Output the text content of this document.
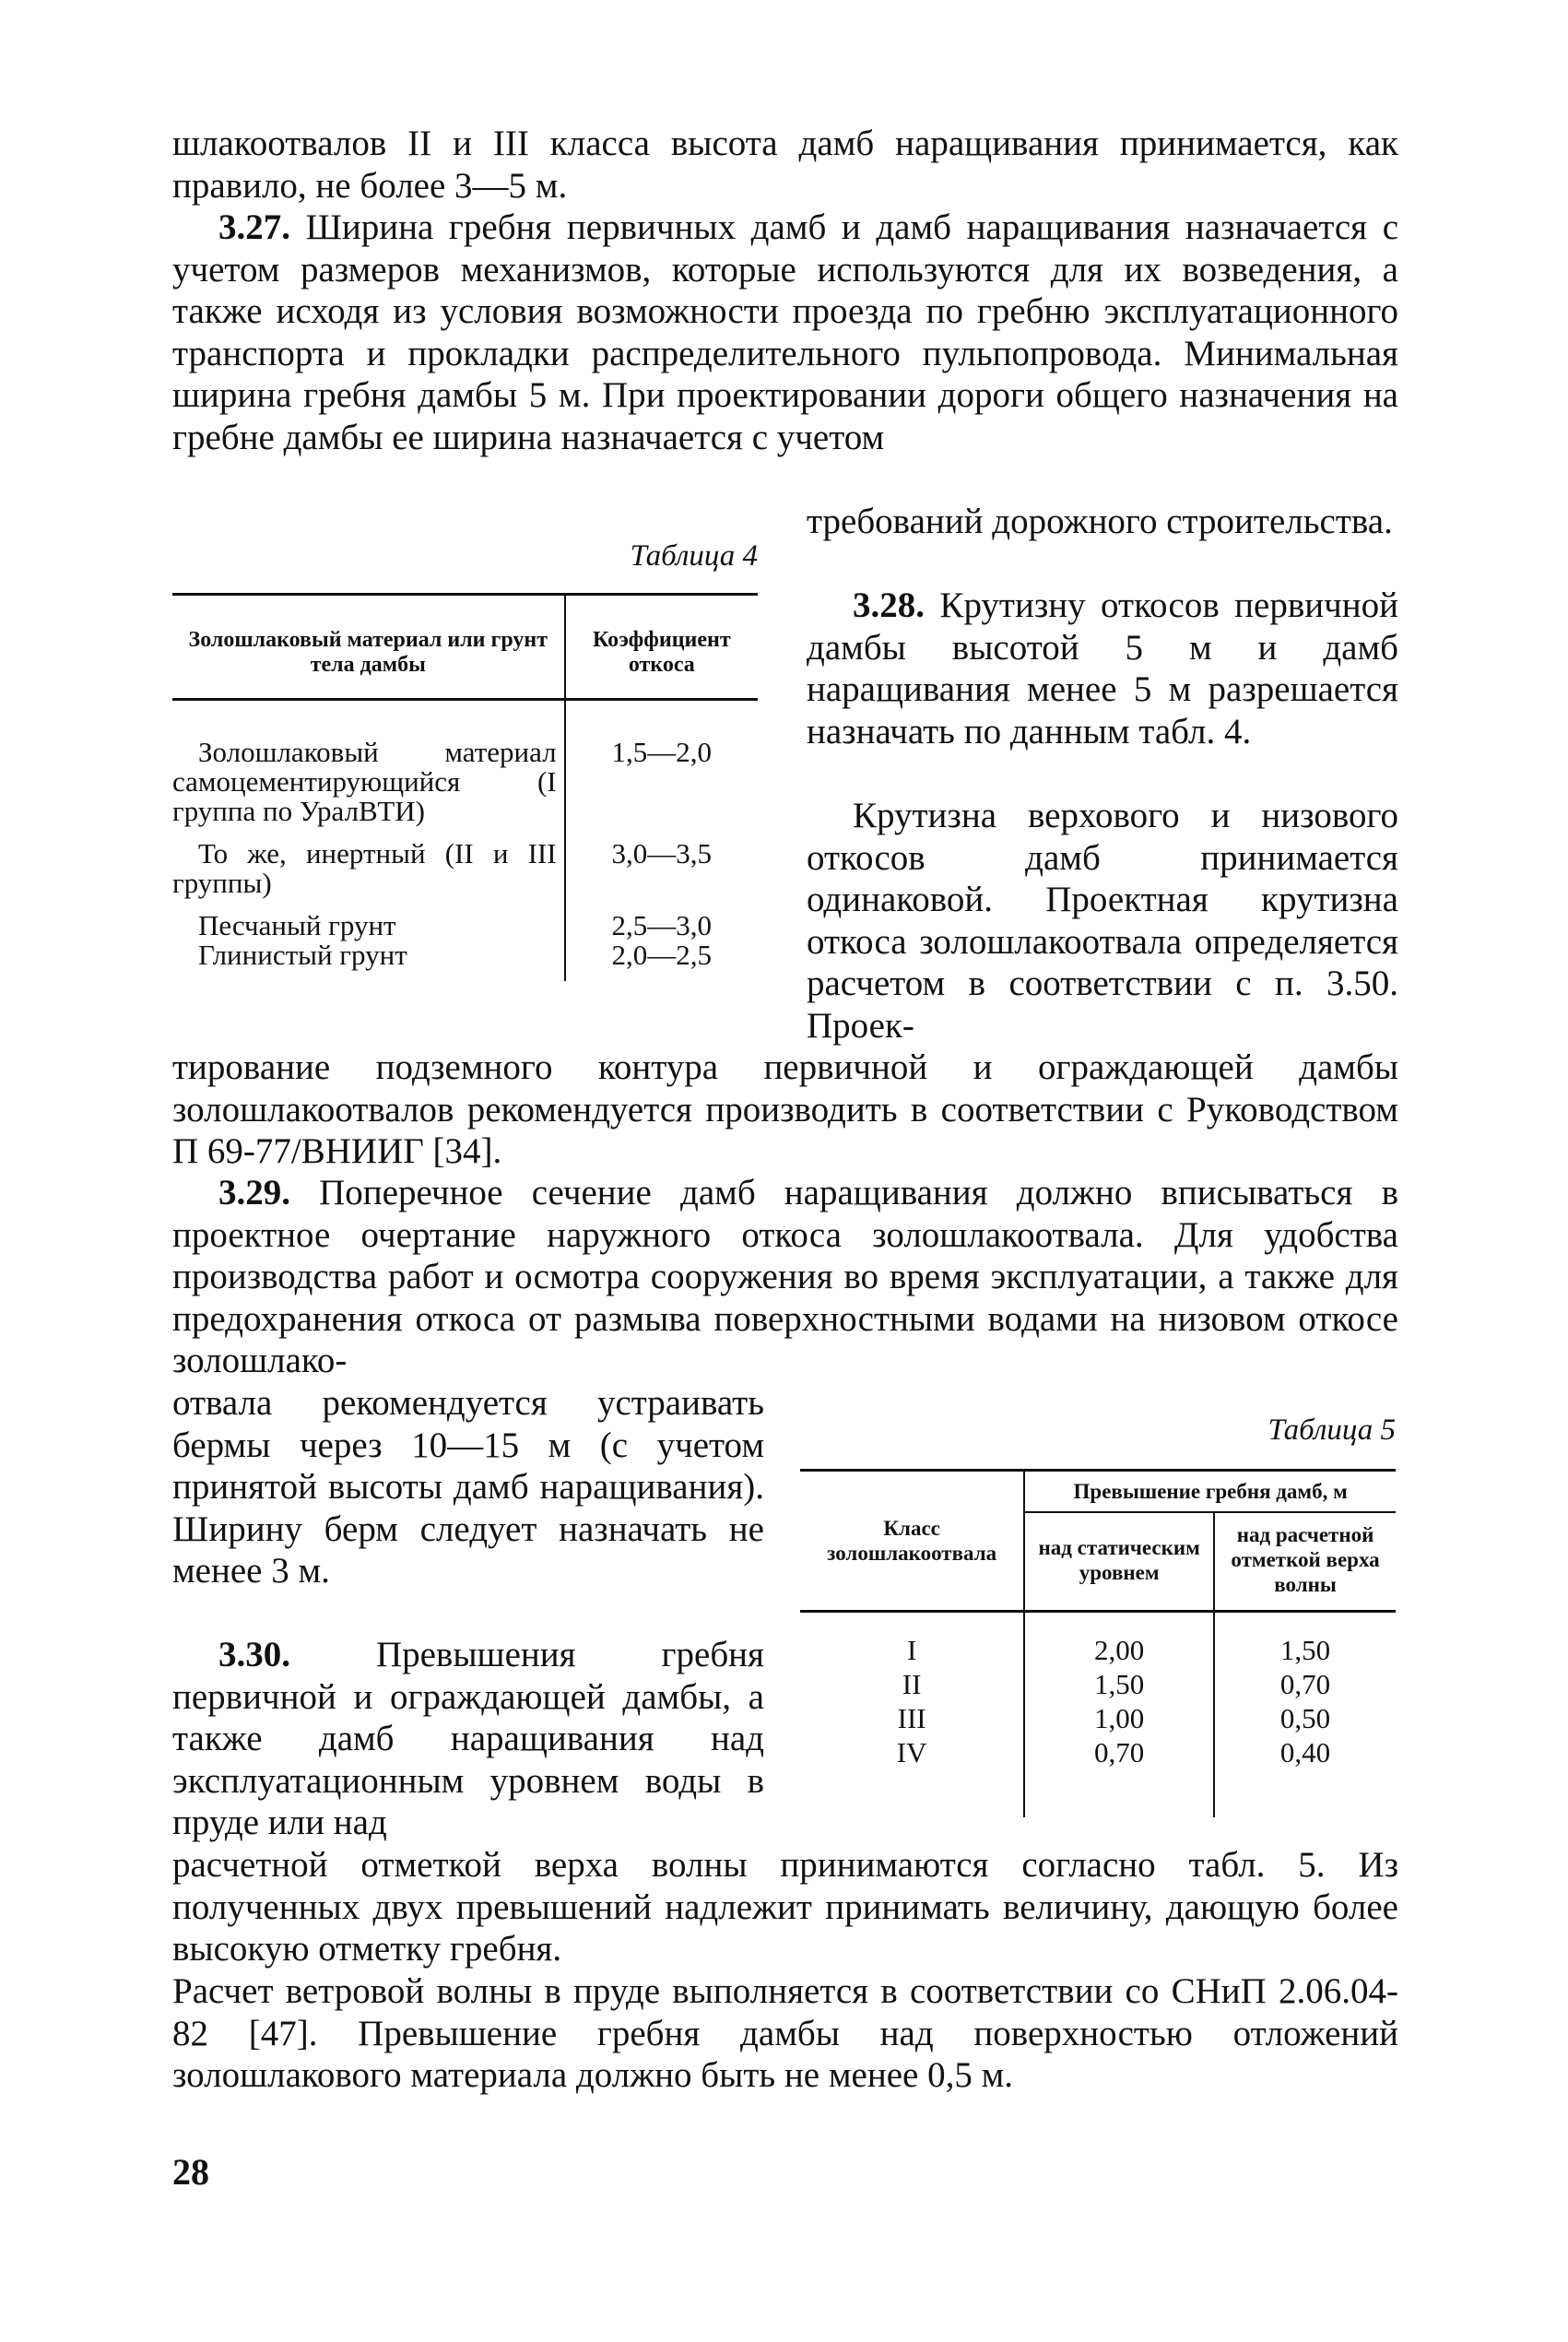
шлакоотвалов II и III класса высота дамб наращивания принимается, как правило, не более 3—5 м.

3.27. Ширина гребня первичных дамб и дамб наращивания назначается с учетом размеров механизмов, которые используются для их возведения, а также исходя из условия возможности проезда по гребню эксплуатационного транспорта и прокладки распределительного пульпопровода. Минимальная ширина гребня дамбы 5 м. При проектировании дороги общего назначения на гребне дамбы ее ширина назначается с учетом

требований дорожного строительства.

Таблица 4

Золошлаковый материал или грунт тела дамбы	Коэффициент откоса
Золошлаковый материал самоцементирующийся (I группа по УралВТИ)	1,5—2,0
То же, инертный (II и III группы)	3,0—3,5
Песчаный грунт	2,5—3,0
Глинистый грунт	2,0—2,5

3.28. Крутизну откосов первичной дамбы высотой 5 м и дамб наращивания менее 5 м разрешается назначать по данным табл. 4.

Крутизна верхового и низового откосов дамб принимается одинаковой. Проектная крутизна откоса золошлакоотвала определяется расчетом в соответствии с п. 3.50. Проек-

тирование подземного контура первичной и ограждающей дамбы золошлакоотвалов рекомендуется производить в соответствии с Руководством П 69-77/ВНИИГ [34].

3.29. Поперечное сечение дамб наращивания должно вписываться в проектное очертание наружного откоса золошлакоотвала. Для удобства производства работ и осмотра сооружения во время эксплуатации, а также для предохранения откоса от размыва поверхностными водами на низовом откосе золошлако-

отвала рекомендуется устраивать бермы через 10—15 м (с учетом принятой высоты дамб наращивания). Ширину берм следует назначать не менее 3 м.

Таблица 5

Класс золошлакоотвала	Превышение гребня дамб, м	
	над статическим уровнем	над расчетной отметкой верха волны
I	2,00	1,50
II	1,50	0,70
III	1,00	0,50
IV	0,70	0,40

3.30. Превышения гребня первичной и ограждающей дамбы, а также дамб наращивания над эксплуатационным уровнем воды в пруде или над

расчетной отметкой верха волны принимаются согласно табл. 5. Из полученных двух превышений надлежит принимать величину, дающую более высокую отметку гребня.

Расчет ветровой волны в пруде выполняется в соответствии со СНиП 2.06.04-82 [47]. Превышение гребня дамбы над поверхностью отложений золошлакового материала должно быть не менее 0,5 м.

28
